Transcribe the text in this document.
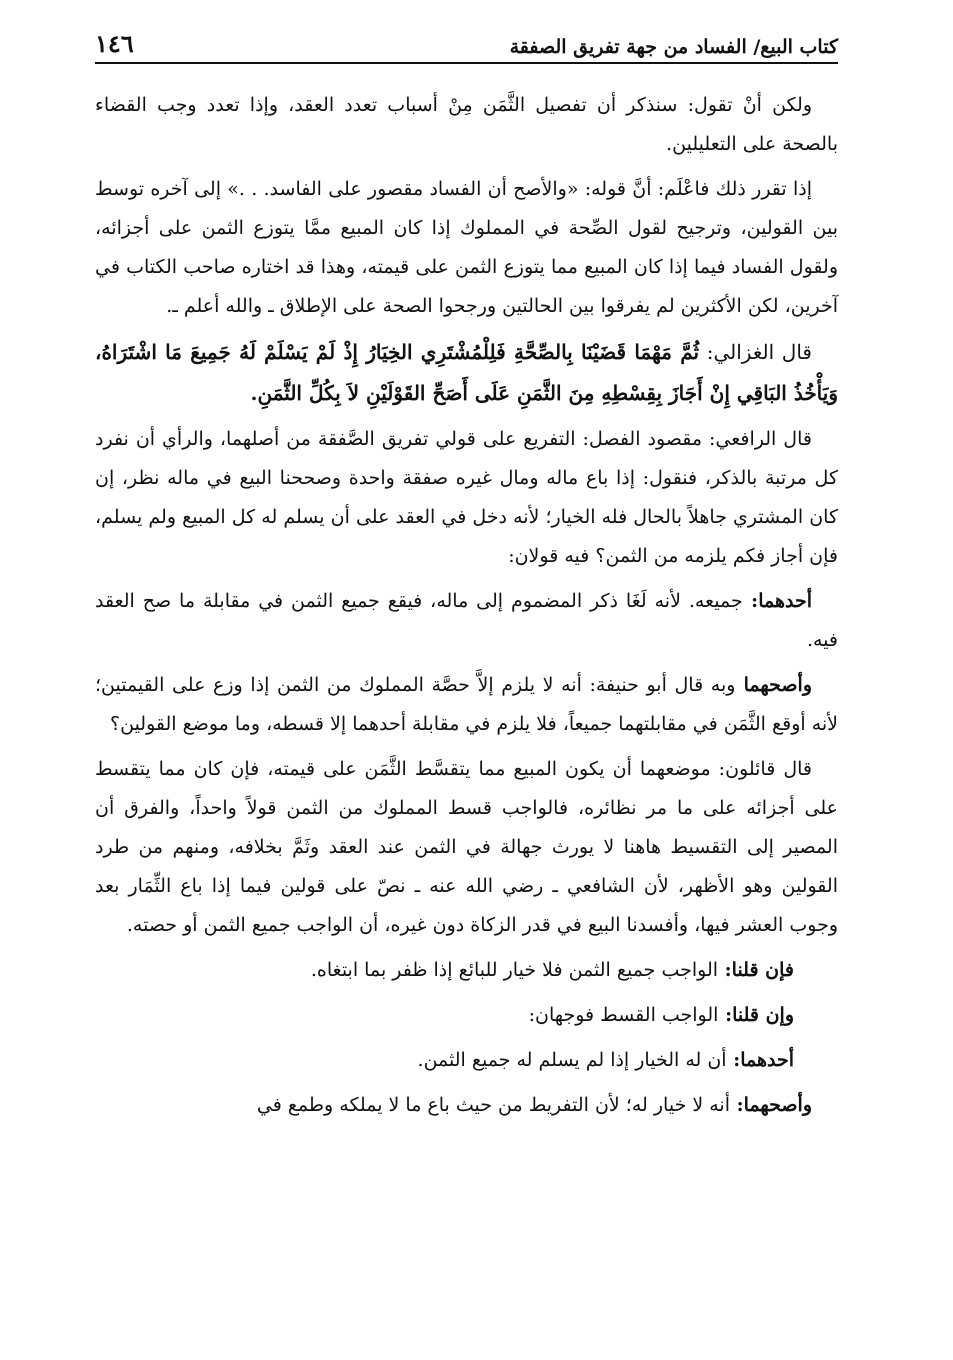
كتاب البيع/ الفساد من جهة تفريق الصفقة
١٤٦

ولكن أنْ تقول: سنذكر أن تفصيل الثَّمَن مِنْ أسباب تعدد العقد، وإذا تعدد وجب القضاء بالصحة على التعليلين.

إذا تقرر ذلك فاعْلَم: أنَّ قوله: «والأصح أن الفساد مقصور على الفاسد. . .» إلى آخره توسط بين القولين، وترجيح لقول الصِّحة في المملوك إذا كان المبيع ممَّا يتوزع الثمن على أجزائه، ولقول الفساد فيما إذا كان المبيع مما يتوزع الثمن على قيمته، وهذا قد اختاره صاحب الكتاب في آخرين، لكن الأكثرين لم يفرقوا بين الحالتين ورجحوا الصحة على الإطلاق ـ والله أعلم ـ.

قال الغزالي: ثُمَّ مَهْمَا قَضَيْنَا بِالصِّحَّةِ فَلِلْمُشْتَرِي الخِيَارُ إِذْ لَمْ يَسْلَمْ لَهُ جَمِيعَ مَا اشْتَرَاهُ، وَيَأْخُذُ البَاقِي إِنْ أَجَازَ بِقِسْطِهِ مِنَ الثَّمَنِ عَلَى أَصَحِّ القَوْلَيْنِ لاَ بِكُلِّ الثَّمَنِ.

قال الرافعي: مقصود الفصل: التفريع على قولي تفريق الصَّفقة من أصلهما، والرأي أن نفرد كل مرتبة بالذكر، فنقول: إذا باع ماله ومال غيره صفقة واحدة وصححنا البيع في ماله نظر، إن كان المشتري جاهلاً بالحال فله الخيار؛ لأنه دخل في العقد على أن يسلم له كل المبيع ولم يسلم، فإن أجاز فكم يلزمه من الثمن؟ فيه قولان:

أحدهما: جميعه. لأنه لَغَا ذكر المضموم إلى ماله، فيقع جميع الثمن في مقابلة ما صح العقد فيه.

وأصحهما وبه قال أبو حنيفة: أنه لا يلزم إلاَّ حصَّة المملوك من الثمن إذا وزع على القيمتين؛ لأنه أوقع الثَّمَن في مقابلتهما جميعاً، فلا يلزم في مقابلة أحدهما إلا قسطه، وما موضع القولين؟

قال قائلون: موضعهما أن يكون المبيع مما يتقسَّط الثَّمَن على قيمته، فإن كان مما يتقسط على أجزائه على ما مر نظائره، فالواجب قسط المملوك من الثمن قولاً واحداً، والفرق أن المصير إلى التقسيط هاهنا لا يورث جهالة في الثمن عند العقد وثَمَّ بخلافه، ومنهم من طرد القولين وهو الأظهر، لأن الشافعي ـ رضي الله عنه ـ نصّ على قولين فيما إذا باع الثِّمَار بعد وجوب العشر فيها، وأفسدنا البيع في قدر الزكاة دون غيره، أن الواجب جميع الثمن أو حصته.

فإن قلنا: الواجب جميع الثمن فلا خيار للبائع إذا ظفر بما ابتغاه.

وإن قلنا: الواجب القسط فوجهان:

أحدهما: أن له الخيار إذا لم يسلم له جميع الثمن.

وأصحهما: أنه لا خيار له؛ لأن التفريط من حيث باع ما لا يملكه وطمع في
